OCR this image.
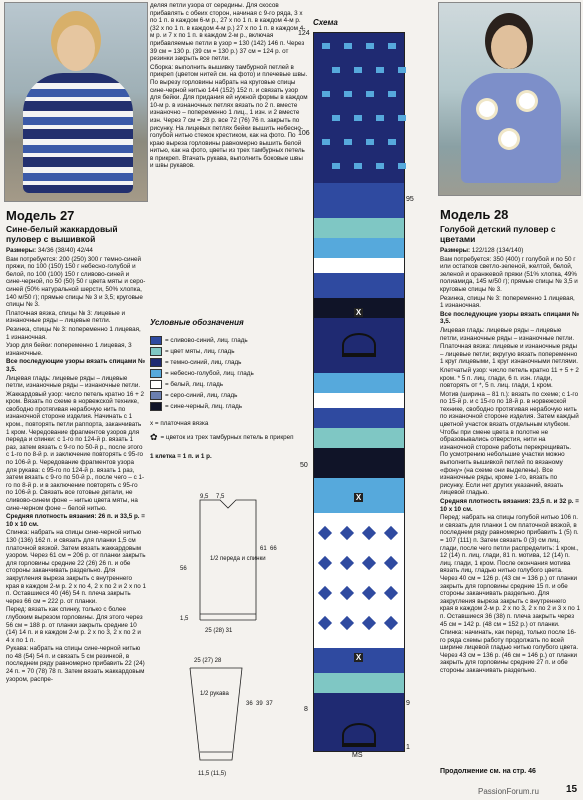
Модель 27
Сине-белый жаккардовый пуловер с вышивкой

Размеры: 34/36 (38/40) 42/44

Вам потребуется: 200 (250) 300 г темно-синей пряжи, по 100 (150) 150 г небесно-голубой и белой, по 100 (100) 150 г сливово-синей и сине-черной, по 50 (50) 50 г цвета мяты и серо-синей (50% натуральной шерсти, 50% хлопка, 140 м/50 г); прямые спицы № 3 и 3,5; круговые спицы № 3.

Платочная вязка, спицы № 3: лицевые и изнаночные ряды – лицевые петли.

Резинка, спицы № 3: попеременно 1 лицевая, 1 изнаночная.

Узор для бейки: попеременно 1 лицевая, 3 изнаночные.

Все последующие узоры вязать спицами № 3,5.

Лицевая гладь: лицевые ряды – лицевые петли, изнаночные ряды – изнаночные петли.

Жаккардовый узор: число петель кратно 16 + 2 кром. Вязать по схеме в норвежской технике, свободно протягивая нерабочую нить по изнаночной стороне изделия. Начинать с 1 кром., повторять петли раппорта, заканчивать 1 кром. Чередование фрагментов узоров для переда и спинки: с 1-го по 124-й р. вязать 1 раз, затем вязать с 9-го по 50-й р., после этого с 1-го по 8-й р. и заключение повторять с 95-го по 106-й р. Чередование фрагментов узора для рукава: с 95-го по 124-й р. вязать 1 раз, затем вязать с 9-го по 50-й р., после чего – с 1-го по 8-й р. и в заключение повторять с 95-го по 106-й р. Связать все готовые детали, не сливово-синем фоне – нитью цвета мяты, на сине-черном фоне – белой нитью.

Средняя плотность вязания: 26 п. и 33,5 р. = 10 х 10 см.

Спинка: набрать на спицы сине-черной нитью 130 (136) 162 п. и связать для планки 1,5 см платочной вязкой. Затем вязать жаккардовым узором. Через 61 см = 206 р. от планки закрыть для горловины средние 22 (26) 26 п. и обе стороны заканчивать раздельно. Для закругления выреза закрыть с внутреннего края в каждом 2-м р. 2 х по 4, 2 х по 2 и 2 х по 1 п. Оставшиеся 40 (46) 54 п. плеча закрыть через 66 см = 222 р. от планки.

Перед: вязать как спинку, только с более глубоким вырезом горловины. Для этого через 56 см = 188 р. от планки закрыть средние 10 (14) 14 п. и в каждом 2-м р. 2 х по 3, 2 х по 2 и 4 х по 1 п.

Рукава: набрать на спицы сине-черной нитью по 48 (54) 54 п. и связать 5 см резинкой, в последнем ряду равномерно прибавить 22 (24) 24 п. = 70 (78) 78 п. Затем вязать жаккардовым узором, распре-

деляя петли узора от середины. Для скосов прибавлять с обеих сторон, начиная с 9-го ряда, 3 х по 1 п. в каждом 6-м р., 27 х по 1 п. в каждом 4-м р. (32 х по 1 п. в каждом 4-м р.) 27 х по 1 п. в каждом 4-м р. и 7 х по 1 п. в каждом 2-м р., включая прибавляемые петли в узор = 130 (142) 146 п. Через 39 см = 130 р. (39 см = 130 р.) 37 см = 124 р. от резинки закрыть все петли.

Сборка: выполнить вышивку тамбурной петлей в прикреп (цветом нитей см. на фото) и плечевые швы. По вырезу горловины набрать на круговые спицы сине-черной нитью 144 (152) 152 п. и связать узор для бейки. Для придания ей нужной формы в каждом 10-м р. в изнаночных петлях вязать по 2 п. вместе изнаночно – попеременно 1 лиц., 1 изн. и 2 вместе изн. Через 7 см = 28 р. все 72 (76) 76 п. закрыть по рисунку. На лицевых петлях бейки вышить небесно-голубой нитью стежок крестиком, как на фото. По краю выреза горловины равномерно вышить белой нитью, как на фото, цветы из трех тамбурных петель в прикреп. Втачать рукава, выполнить боковые швы и швы рукавов.

Условные обозначения
= сливово-синий, лиц. гладь
= цвет мяты, лиц. гладь
= темно-синий, лиц. гладь
= небесно-голубой, лиц. гладь
= белый, лиц. гладь
= серо-синий, лиц. гладь
= сине-черный, лиц. гладь
х = платочная вязка
✿ = цветок из трех тамбурных петель в прикреп
1 клетка = 1 п. и 1 р.
1/2 переда и спинки
9,5 7,5
56
1,5
61 66
25 (28) 31
25 (27) 28
1/2 рукава
36 39 37
11,5 (11,5)
Схема
X
X
X
124
106
95
50
9
8
1
MS
Модель 28
Голубой детский пуловер с цветами

Размеры: 122/128 (134/140)

Вам потребуется: 350 (400) г голубой и по 50 г или остатков светло-зеленой, желтой, белой, зеленой и оранжевой пряжи (51% хлопка, 49% полиамида, 145 м/50 г); прямые спицы № 3,5 и круговые спицы № 3.

Резинка, спицы № 3: попеременно 1 лицевая, 1 изнаночная.

Все последующие узоры вязать спицами № 3,5.

Лицевая гладь: лицевые ряды – лицевые петли, изнаночные ряды – изнаночные петли.

Платочная вязка: лицевые и изнаночные ряды – лицевые петли; вкругую вязать попеременно 1 круг лицевыми, 1 круг изнаночными петлями.

Клетчатый узор: число петель кратно 11 + 5 + 2 кром. * 5 п. лиц. глади, 6 п. изн. глади, повторять от *, 5 п. лиц. глади, 1 кром.

Мотив (ширина – 81 п.): вязать по схеме; с 1-го по 15-й р. и с 15-го по 18-й р. в норвежской технике, свободно протягивая нерабочую нить по изнаночной стороне изделия. Затем каждый цветной участок вязать отдельным клубком. Чтобы при смене цвета в полотне не образовывались отверстия, нити на изнаночной стороне работы перекрещивать. По усмотрению небольшие участки можно выполнить вышивкой петлей по вязаному «фону» (на схеме они выделены). Все изнаночные ряды, кроме 1-го, вязать по рисунку. Если нет других указаний, вязать лицевой гладью.

Средняя плотность вязания: 23,5 п. и 32 р. = 10 х 10 см.

Перед: набрать на спицы голубой нитью 106 п. и связать для планки 1 см платочной вязкой, в последнем ряду равномерно прибавить 1 (5) п. = 107 (111) п. Затем связать 0 (3) см лиц. глади, после чего петли распределить: 1 кром., 12 (14) п. лиц. глади, 81 п. мотива, 12 (14) п. лиц. глади, 1 кром. После окончания мотива вязать лиц. гладью нитью голубого цвета. Через 40 см = 126 р. (43 см = 136 р.) от планки закрыть для горловины средние 15 п. и обе стороны заканчивать раздельно. Для закругления выреза закрыть с внутреннего края в каждом 2-м р. 2 х по 3, 2 х по 2 и 3 х по 1 п. Оставшиеся 36 (38) п. плеча закрыть через 45 см = 142 р. (48 см = 152 р.) от планки.

Спинка: начинать, как перед, только после 16-го ряда схемы работу продолжать по всей ширине лицевой гладью нитью голубого цвета. Через 43 см = 136 р. (46 см = 146 р.) от планки закрыть для горловины средние 27 п. и обе стороны заканчивать раздельно.

Продолжение см. на стр. 46
PassionForum.ru	15
